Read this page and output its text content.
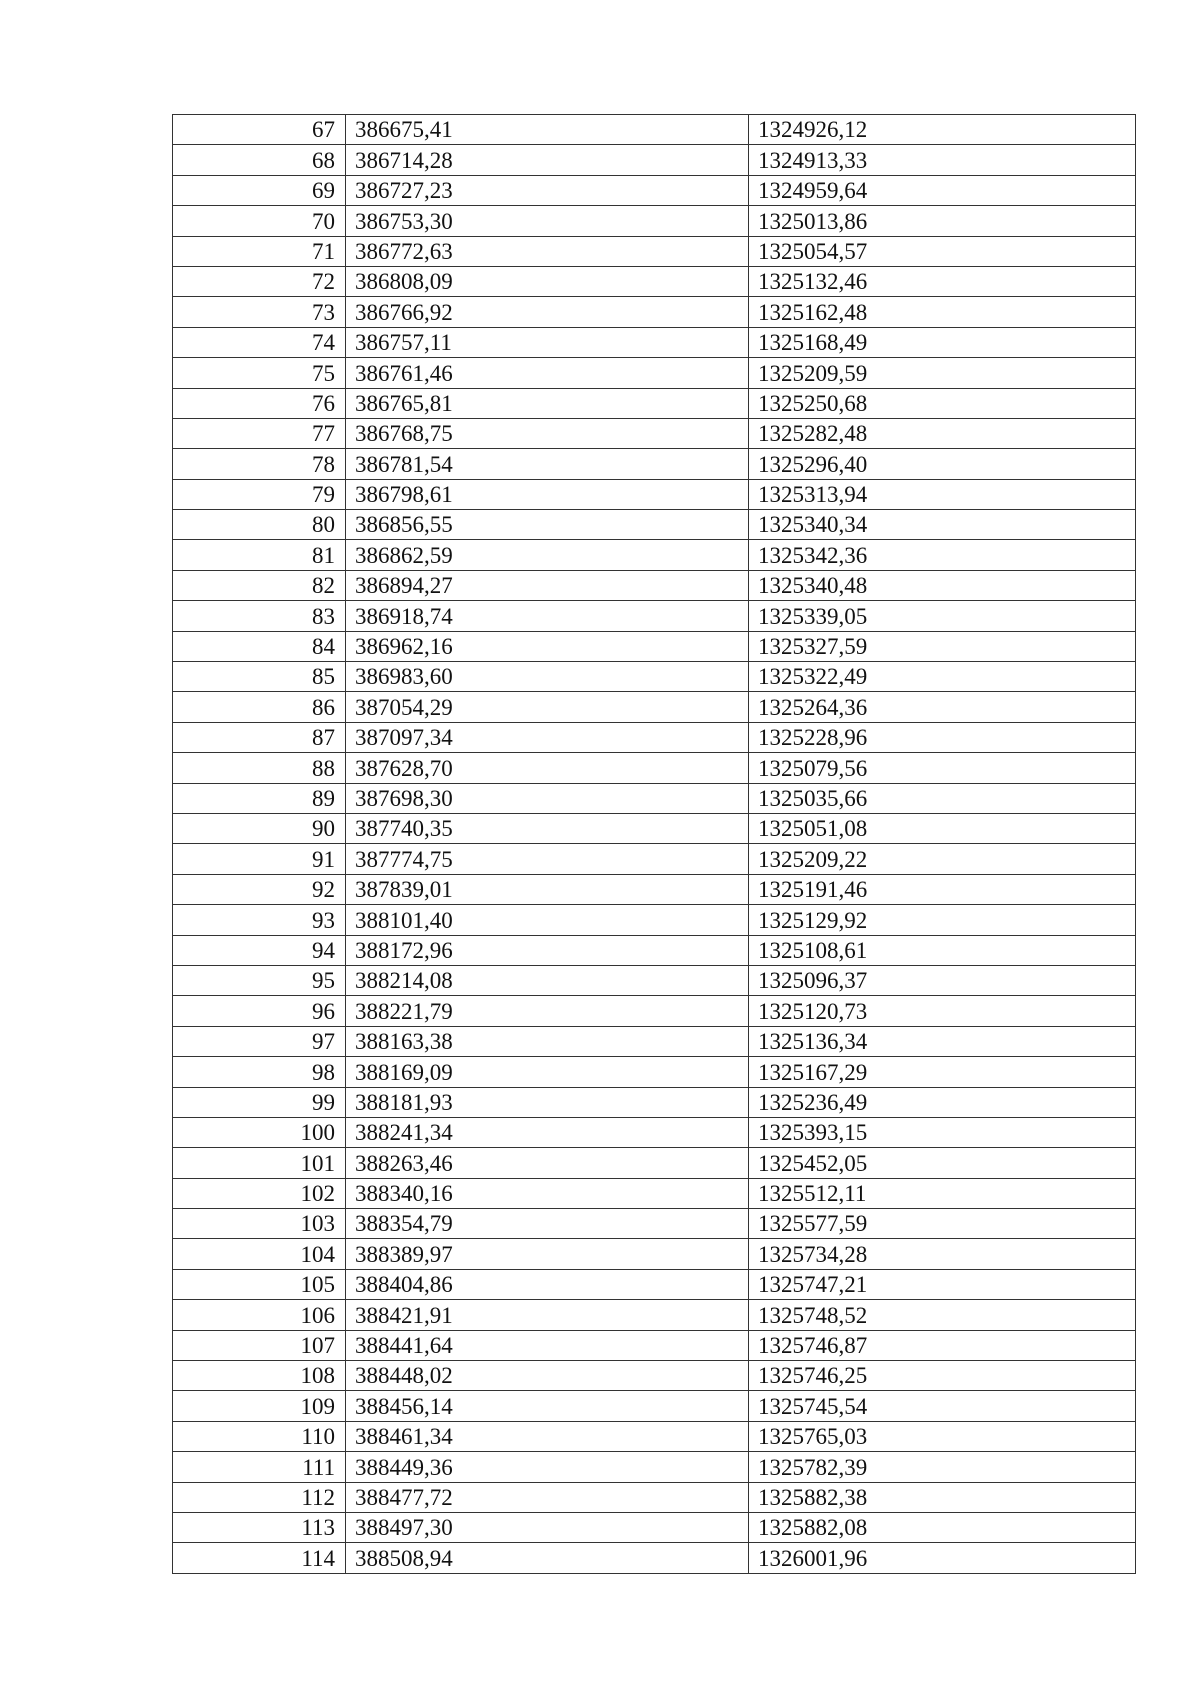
67	386675,41	1324926,12
68	386714,28	1324913,33
69	386727,23	1324959,64
70	386753,30	1325013,86
71	386772,63	1325054,57
72	386808,09	1325132,46
73	386766,92	1325162,48
74	386757,11	1325168,49
75	386761,46	1325209,59
76	386765,81	1325250,68
77	386768,75	1325282,48
78	386781,54	1325296,40
79	386798,61	1325313,94
80	386856,55	1325340,34
81	386862,59	1325342,36
82	386894,27	1325340,48
83	386918,74	1325339,05
84	386962,16	1325327,59
85	386983,60	1325322,49
86	387054,29	1325264,36
87	387097,34	1325228,96
88	387628,70	1325079,56
89	387698,30	1325035,66
90	387740,35	1325051,08
91	387774,75	1325209,22
92	387839,01	1325191,46
93	388101,40	1325129,92
94	388172,96	1325108,61
95	388214,08	1325096,37
96	388221,79	1325120,73
97	388163,38	1325136,34
98	388169,09	1325167,29
99	388181,93	1325236,49
100	388241,34	1325393,15
101	388263,46	1325452,05
102	388340,16	1325512,11
103	388354,79	1325577,59
104	388389,97	1325734,28
105	388404,86	1325747,21
106	388421,91	1325748,52
107	388441,64	1325746,87
108	388448,02	1325746,25
109	388456,14	1325745,54
110	388461,34	1325765,03
111	388449,36	1325782,39
112	388477,72	1325882,38
113	388497,30	1325882,08
114	388508,94	1326001,96
